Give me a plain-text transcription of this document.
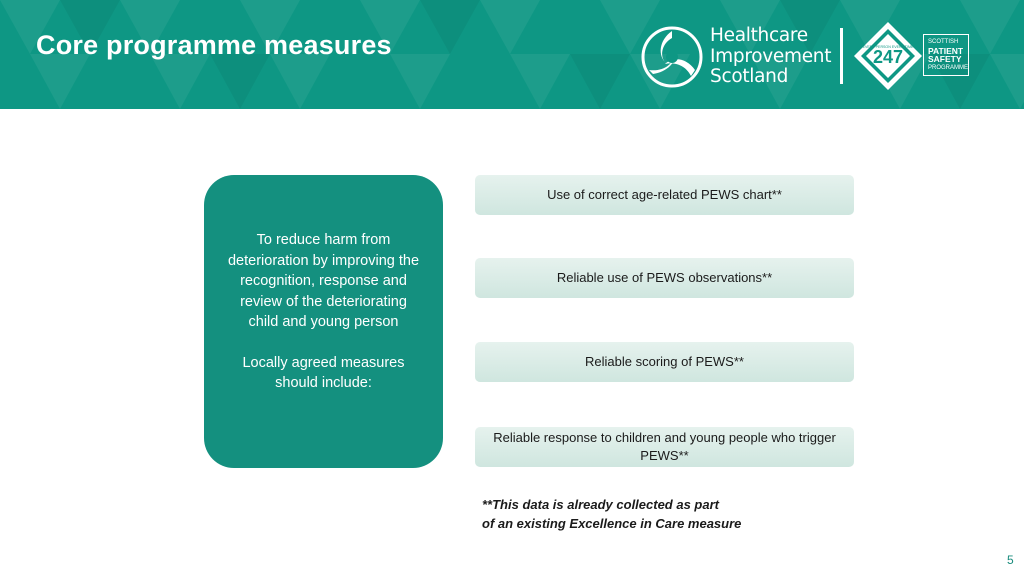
Core programme measures	Healthcare
Improvement
Scotland
247
EVERY PERSON EVERY TIME
SCOTTISH
PATIENT
SAFETY
PROGRAMME

To reduce harm from deterioration by improving the recognition, response and review of the deteriorating child and young person

Locally agreed measures should include:

Use of correct age-related PEWS chart**
Reliable use of PEWS observations**
Reliable scoring of PEWS**
Reliable response to children and young people who trigger PEWS**
**This data is already collected as part
of an existing Excellence in Care measure
5
